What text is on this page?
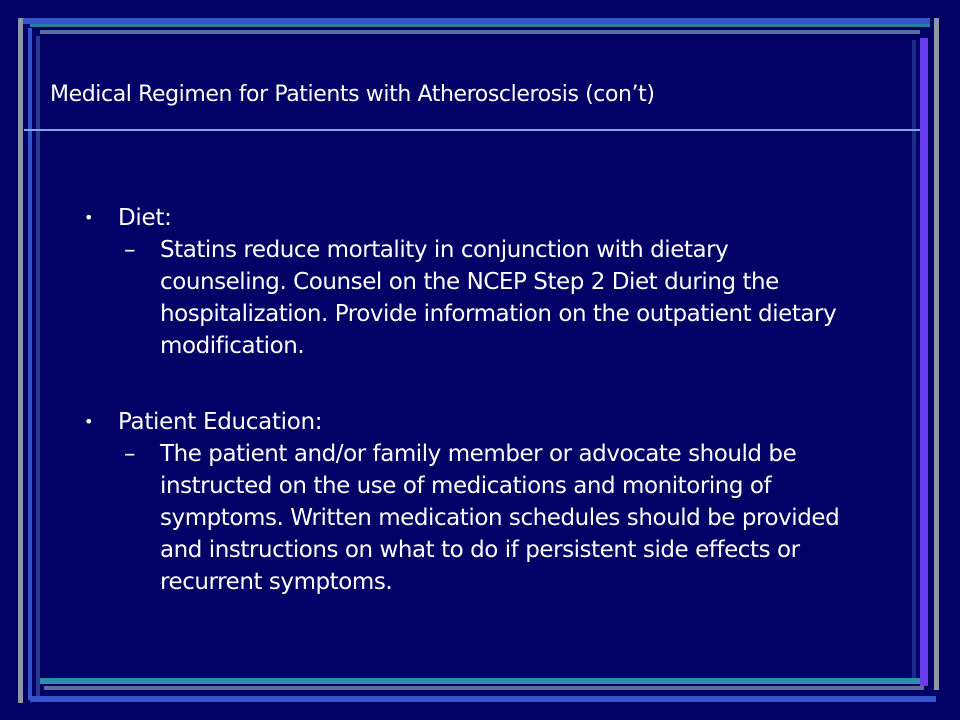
Medical Regimen for Patients with Atherosclerosis (con’t)
• Diet:
– Statins reduce mortality in conjunction with dietary counseling. Counsel on the NCEP Step 2 Diet during the hospitalization. Provide information on the outpatient dietary modification.
• Patient Education:
– The patient and/or family member or advocate should be instructed on the use of medications and monitoring of symptoms. Written medication schedules should be provided and instructions on what to do if persistent side effects or recurrent symptoms.
